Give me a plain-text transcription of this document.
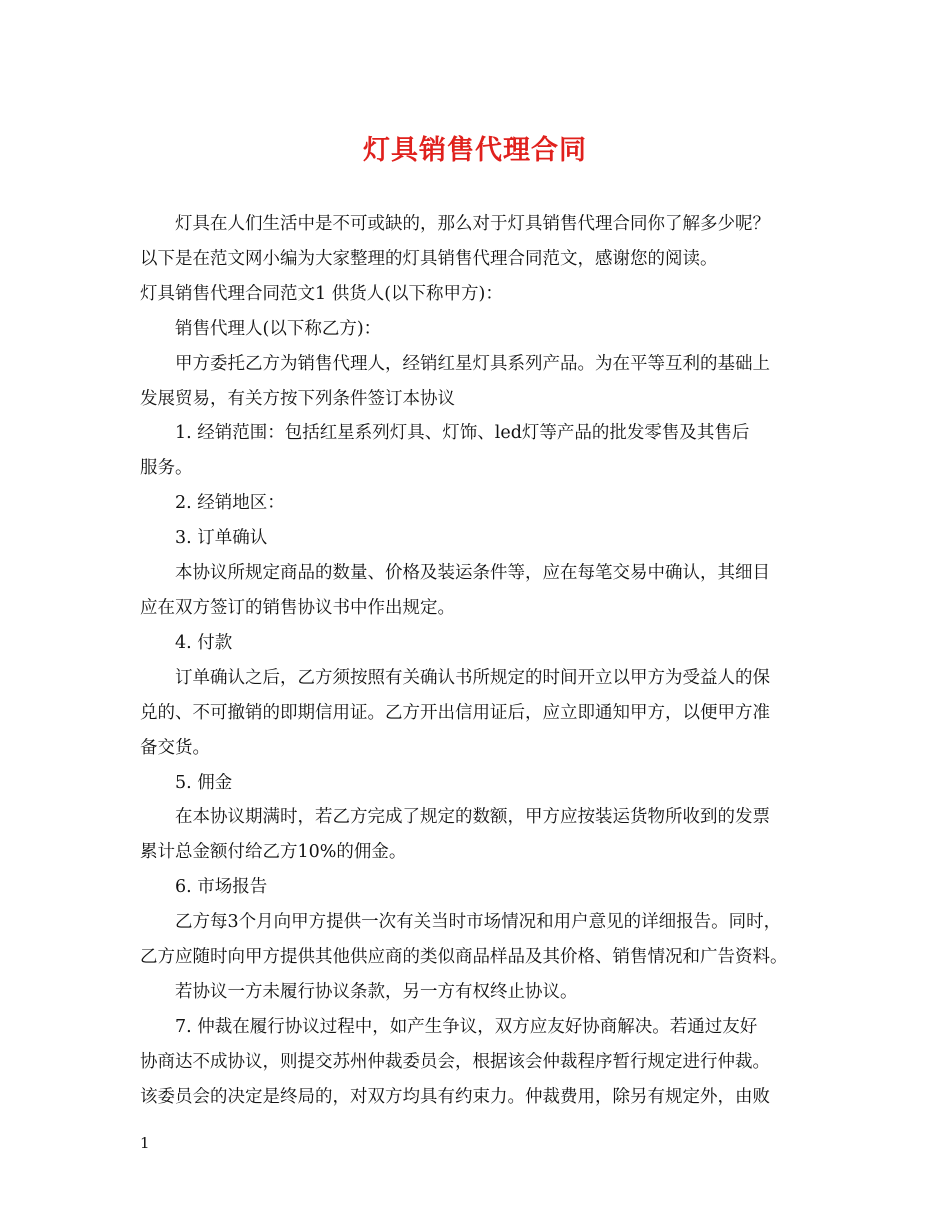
灯具销售代理合同
灯具在人们生活中是不可或缺的，那么对于灯具销售代理合同你了解多少呢？
以下是在范文网小编为大家整理的灯具销售代理合同范文，感谢您的阅读。
灯具销售代理合同范文1 供货人(以下称甲方)：
销售代理人(以下称乙方)：
甲方委托乙方为销售代理人，经销红星灯具系列产品。为在平等互利的基础上
发展贸易，有关方按下列条件签订本协议
1. 经销范围：包括红星系列灯具、灯饰、led灯等产品的批发零售及其售后
服务。
2. 经销地区：
3. 订单确认
本协议所规定商品的数量、价格及装运条件等，应在每笔交易中确认，其细目
应在双方签订的销售协议书中作出规定。
4. 付款
订单确认之后，乙方须按照有关确认书所规定的时间开立以甲方为受益人的保
兑的、不可撤销的即期信用证。乙方开出信用证后，应立即通知甲方，以便甲方准
备交货。
5. 佣金
在本协议期满时，若乙方完成了规定的数额，甲方应按装运货物所收到的发票
累计总金额付给乙方10%的佣金。
6. 市场报告
乙方每3个月向甲方提供一次有关当时市场情况和用户意见的详细报告。同时，
乙方应随时向甲方提供其他供应商的类似商品样品及其价格、销售情况和广告资料。
若协议一方未履行协议条款，另一方有权终止协议。
7. 仲裁在履行协议过程中，如产生争议，双方应友好协商解决。若通过友好
协商达不成协议，则提交苏州仲裁委员会，根据该会仲裁程序暂行规定进行仲裁。
该委员会的决定是终局的，对双方均具有约束力。仲裁费用，除另有规定外，由败
1
